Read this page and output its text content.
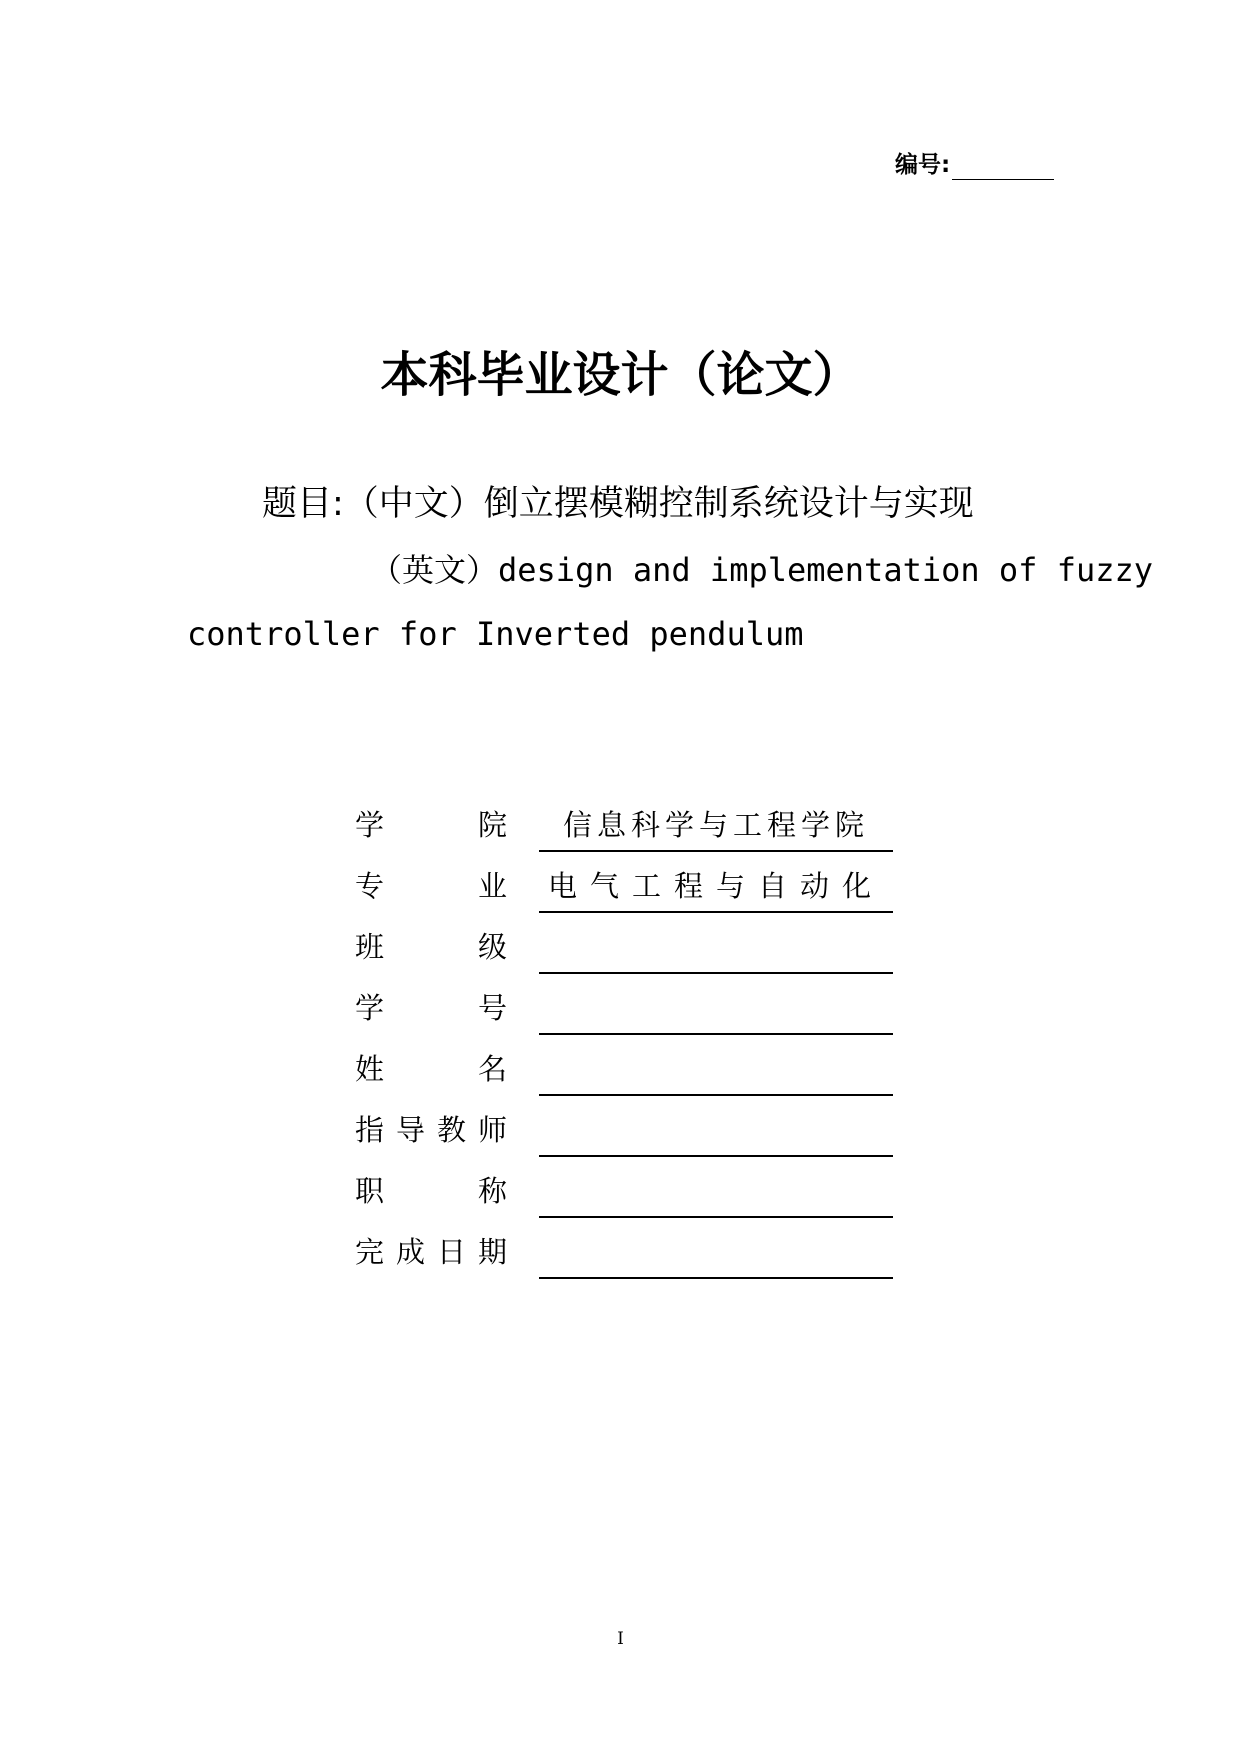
编号:
本科毕业设计（论文）
题目:（中文）倒立摆模糊控制系统设计与实现
（英文）design and implementation of fuzzy
controller for Inverted pendulum
学	院	信息科学与工程学院
专	业	电气工程与自动化
班	级
学	号
姓	名
指 导 教 师
职	称
完 成 日 期
I
